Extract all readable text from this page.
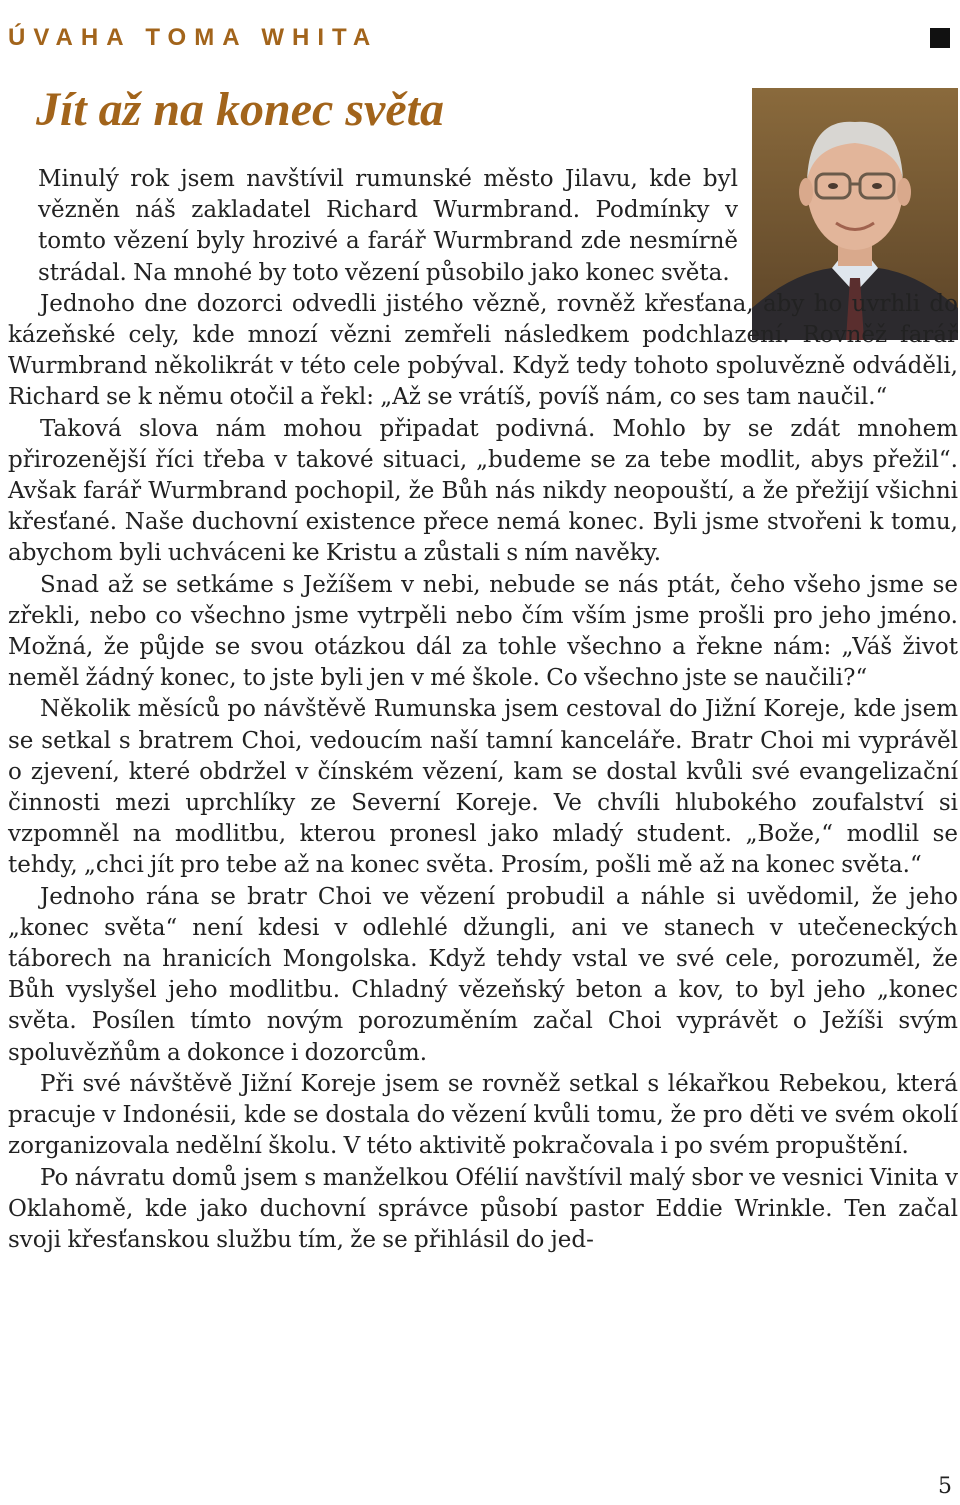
ÚVAHA TOMA WHITA
Jít až na konec světa

Minulý rok jsem navštívil rumunské město Jilavu, kde byl vězněn náš zakladatel Richard Wurmbrand. Podmínky v tomto vězení byly hrozivé a farář Wurmbrand zde nesmírně strádal. Na mnohé by toto vězení působilo jako konec světa.

Jednoho dne dozorci odvedli jistého vězně, rovněž křesťana, aby ho uvrhli do kázeňské cely, kde mnozí vězni zemřeli následkem podchlazení. Rovněž farář Wurmbrand několikrát v této cele pobýval. Když tedy tohoto spoluvězně odváděli, Richard se k němu otočil a řekl: „Až se vrátíš, povíš nám, co ses tam naučil.“

Taková slova nám mohou připadat podivná. Mohlo by se zdát mnohem přirozenější říci třeba v takové situaci, „budeme se za tebe modlit, abys přežil“. Avšak farář Wurmbrand pochopil, že Bůh nás nikdy neopouští, a že přežijí všichni křesťané. Naše duchovní existence přece nemá konec. Byli jsme stvořeni k tomu, abychom byli uchváceni ke Kristu a zůstali s ním navěky.

Snad až se setkáme s Ježíšem v nebi, nebude se nás ptát, čeho všeho jsme se zřekli, nebo co všechno jsme vytrpěli nebo čím vším jsme prošli pro jeho jméno. Možná, že půjde se svou otázkou dál za tohle všechno a řekne nám: „Váš život neměl žádný konec, to jste byli jen v mé škole. Co všechno jste se naučili?“

Několik měsíců po návštěvě Rumunska jsem cestoval do Jižní Koreje, kde jsem se setkal s bratrem Choi, vedoucím naší tamní kanceláře. Bratr Choi mi vyprávěl o zjevení, které obdržel v čínském vězení, kam se dostal kvůli své evangelizační činnosti mezi uprchlíky ze Severní Koreje. Ve chvíli hlubokého zoufalství si vzpomněl na modlitbu, kterou pronesl jako mladý student. „Bože,“ modlil se tehdy, „chci jít pro tebe až na konec světa. Prosím, pošli mě až na konec světa.“

Jednoho rána se bratr Choi ve vězení probudil a náhle si uvědomil, že jeho „konec světa“ není kdesi v odlehlé džungli, ani ve stanech v utečeneckých táborech na hranicích Mongolska. Když tehdy vstal ve své cele, porozuměl, že Bůh vyslyšel jeho modlitbu. Chladný vězeňský beton a kov, to byl jeho „konec světa. Posílen tímto novým porozuměním začal Choi vyprávět o Ježíši svým spoluvězňům a dokonce i dozorcům.

Při své návštěvě Jižní Koreje jsem se rovněž setkal s lékařkou Rebekou, která pracuje v Indonésii, kde se dostala do vězení kvůli tomu, že pro děti ve svém okolí zorganizovala nedělní školu. V této aktivitě pokračovala i po svém propuštění.

Po návratu domů jsem s manželkou Ofélií navštívil malý sbor ve vesnici Vinita v Oklahomě, kde jako duchovní správce působí pastor Eddie Wrinkle. Ten začal svoji křesťanskou službu tím, že se přihlásil do jed-

5
